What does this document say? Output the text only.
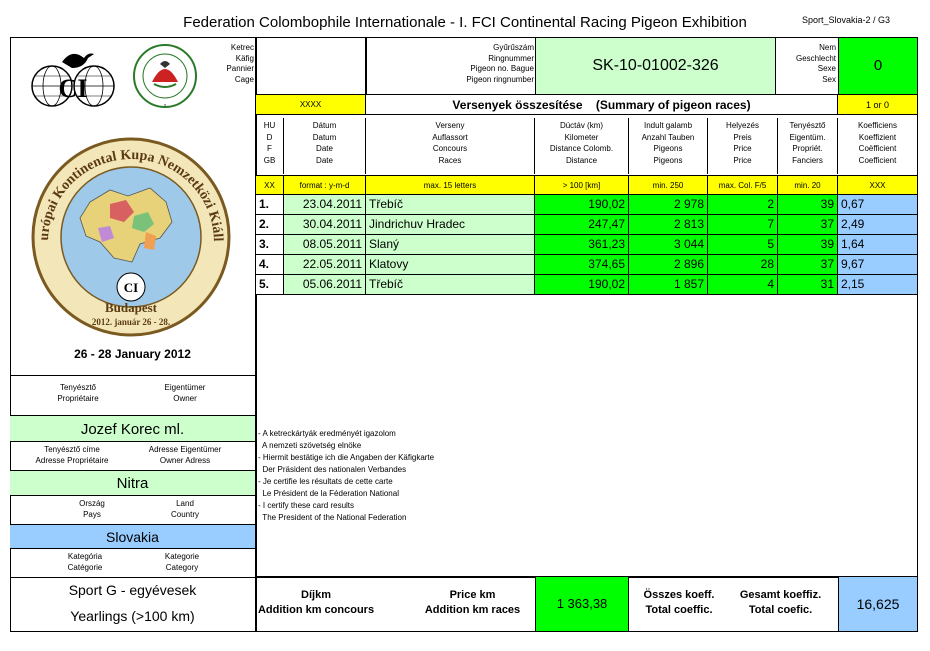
Federation Colombophile Internationale - I. FCI Continental Racing Pigeon Exhibition	Sport_Slovakia-2 / G3
CI
*
CI
urópai Kontinental Kupa Nemzetközi Kiáll
Budapest
2012. január 26 - 28.
26 - 28 January 2012
Tenyésztő
Propriétaire
Eigentümer
Owner
Jozef Korec ml.
Tenyésztő címe
Adresse Propriétaire
Adresse Eigentümer
Owner Adress
Nitra
Ország
Pays
Land
Country
Slovakia
Kategória
Catégorie
Kategorie
Category
Sport G - egyévesek
Yearlings (>100 km)
Ketrec
Käfig
Pannier
Cage
Gyűrűszám
Ringnummer
Pigeon no. Bague
Pigeon ringnumber
SK-10-01002-326
Nem
Geschlecht
Sexe
Sex
0
XXXX	Versenyek összesítése    (Summary of pigeon races)	1 or 0
HU
D
F
GB
Dátum
Datum
Date
Date
Verseny
Auflassort
Concours
Races
Dúctáv (km)
Kilometer
Distance Colomb.
Distance
Indult galamb
Anzahl Tauben
Pigeons
Pigeons
Helyezés
Preis
Price
Price
Tenyésztő
Eigentüm.
Propriét.
Fanciers
Koefficiens
Koeffizient
Coëfficient
Coefficient
XX	format : y-m-d	max. 15 letters	> 100 [km]	min. 250	max. Col. F/5	min. 20	XXX
1.	23.04.2011 Třebíč	190,02	2 978	2	39 0,67
2.	30.04.2011 Jindrichuv Hradec	247,47	2 813	7	37 2,49
3.	08.05.2011 Slaný	361,23	3 044	5	39 1,64
4.	22.05.2011 Klatovy	374,65	2 896	28	37 9,67
5.	05.06.2011 Třebíč	190,02	1 857	4	31 2,15

- A ketreckártyák eredményét igazolom
A nemzeti szövetség elnöke
- Hiermit bestätige ich die Angaben der Käfigkarte
Der Präsident des nationalen Verbandes
- Je certifie les résultats de cette carte
Le Président de la Féderation National
- I certify these card results
The President of the National Federation

Díjkm
Addition km concours
Price km
Addition km races	1 363,38
Összes koeff.
Total coeffic.
Gesamt koeffiz.
Total coefic.	16,625
